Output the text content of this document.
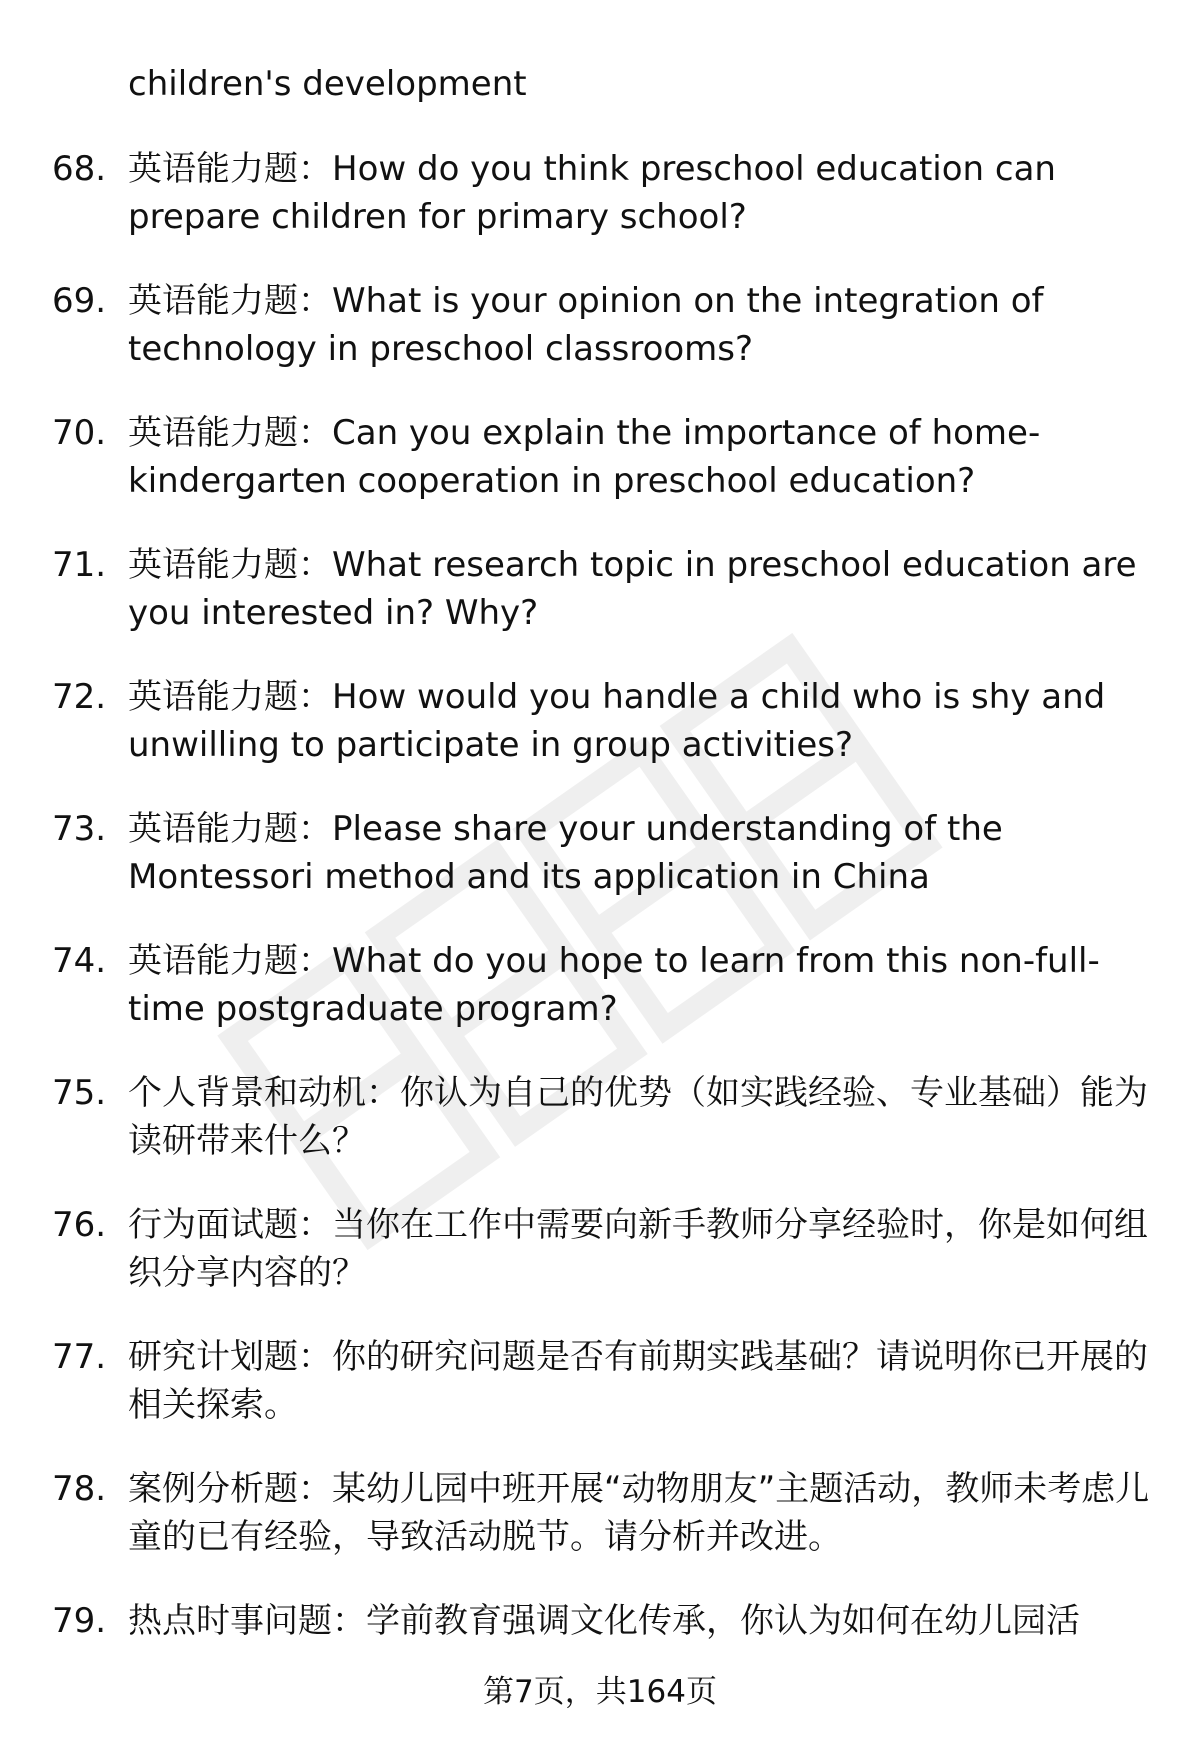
children's development

68. 英语能力题：How do you think preschool education can prepare children for primary school?

69. 英语能力题：What is your opinion on the integration of technology in preschool classrooms?

70. 英语能力题：Can you explain the importance of home-kindergarten cooperation in preschool education?

71. 英语能力题：What research topic in preschool education are you interested in? Why?

72. 英语能力题：How would you handle a child who is shy and unwilling to participate in group activities?

73. 英语能力题：Please share your understanding of the Montessori method and its application in China

74. 英语能力题：What do you hope to learn from this non-full-time postgraduate program?

75. 个人背景和动机：你认为自己的优势（如实践经验、专业基础）能为读研带来什么？

76. 行为面试题：当你在工作中需要向新手教师分享经验时，你是如何组织分享内容的？

77. 研究计划题：你的研究问题是否有前期实践基础？请说明你已开展的相关探索。

78. 案例分析题：某幼儿园中班开展“动物朋友”主题活动，教师未考虑儿童的已有经验，导致活动脱节。请分析并改进。

79. 热点时事问题：学前教育强调文化传承，你认为如何在幼儿园活

第7页，共164页
